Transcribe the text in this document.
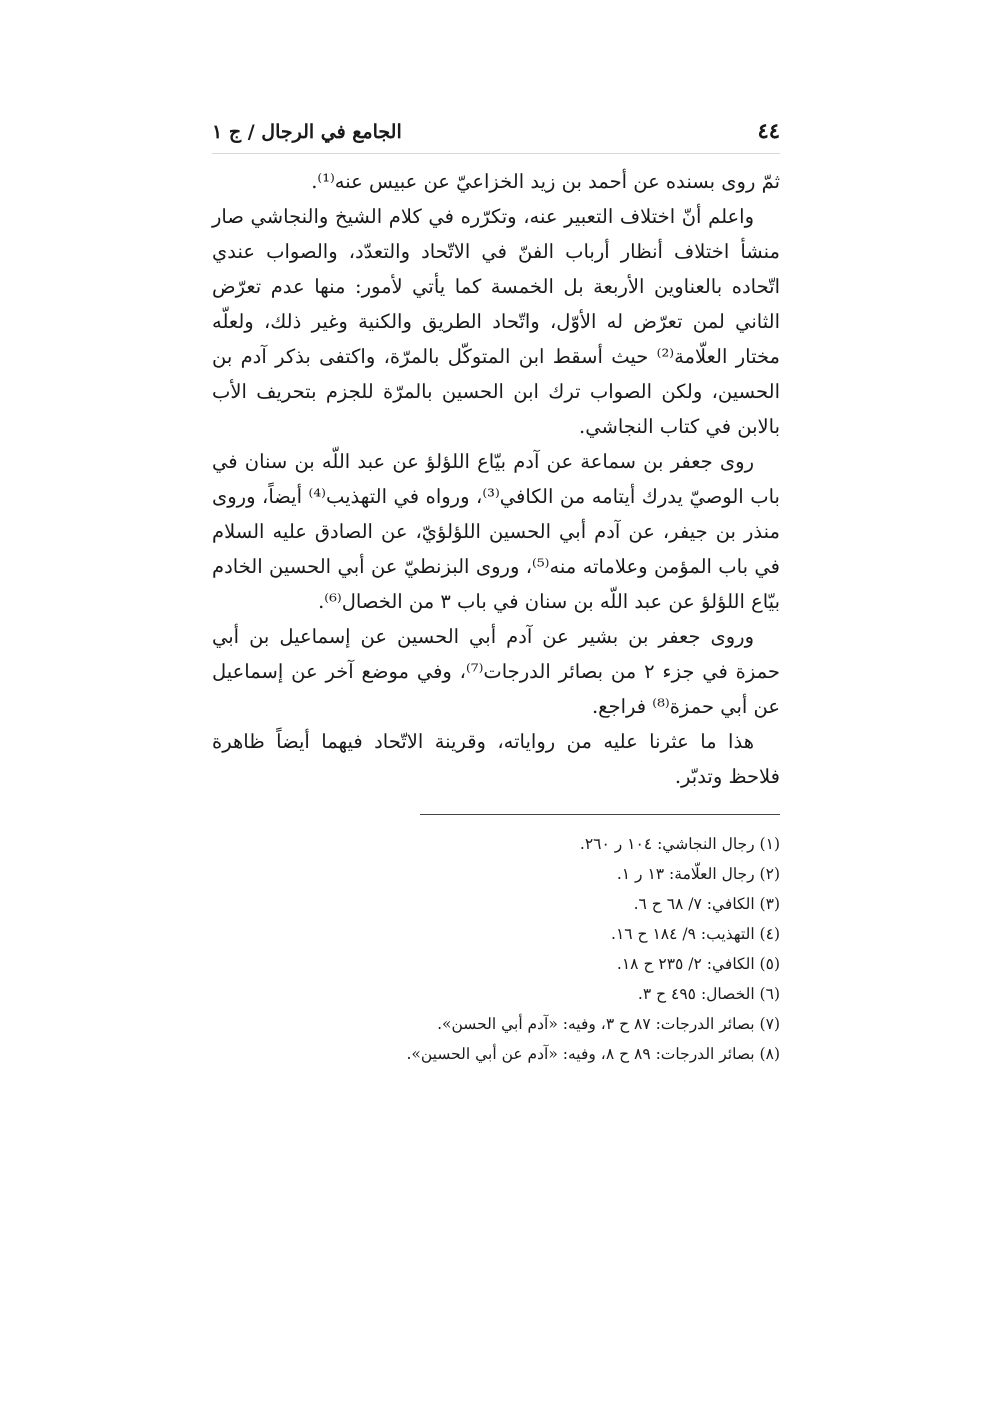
٤٤
الجامع في الرجال / ج ١

ثمّ روى بسنده عن أحمد بن زيد الخزاعيّ عن عبيس عنه⁽¹⁾.

واعلم أنّ اختلاف التعبير عنه، وتكرّره في كلام الشيخ والنجاشي صار منشأ اختلاف أنظار أرباب الفنّ في الاتّحاد والتعدّد، والصواب عندي اتّحاده بالعناوين الأربعة بل الخمسة كما يأتي لأمور: منها عدم تعرّض الثاني لمن تعرّض له الأوّل، واتّحاد الطريق والكنية وغير ذلك، ولعلّه مختار العلّامة⁽²⁾ حيث أسقط ابن المتوكّل بالمرّة، واكتفى بذكر آدم بن الحسين، ولكن الصواب ترك ابن الحسين بالمرّة للجزم بتحريف الأب بالابن في كتاب النجاشي.

روى جعفر بن سماعة عن آدم بيّاع اللؤلؤ عن عبد اللّه بن سنان في باب الوصيّ يدرك أيتامه من الكافي⁽³⁾، ورواه في التهذيب⁽⁴⁾ أيضاً، وروى منذر بن جيفر، عن آدم أبي الحسين اللؤلؤيّ، عن الصادق عليه السلام في باب المؤمن وعلاماته منه⁽⁵⁾، وروى البزنطيّ عن أبي الحسين الخادم بيّاع اللؤلؤ عن عبد اللّه بن سنان في باب ٣ من الخصال⁽⁶⁾.

وروى جعفر بن بشير عن آدم أبي الحسين عن إسماعيل بن أبي حمزة في جزء ٢ من بصائر الدرجات⁽⁷⁾، وفي موضع آخر عن إسماعيل عن أبي حمزة⁽⁸⁾ فراجع.

هذا ما عثرنا عليه من رواياته، وقرينة الاتّحاد فيهما أيضاً ظاهرة فلاحظ وتدبّر.

(١) رجال النجاشي: ١٠٤ ر ٢٦٠.

(٢) رجال العلّامة: ١٣ ر ١.

(٣) الكافي: ٧/ ٦٨ ح ٦.

(٤) التهذيب: ٩/ ١٨٤ ح ١٦.

(٥) الكافي: ٢/ ٢٣٥ ح ١٨.

(٦) الخصال: ٤٩٥ ح ٣.

(٧) بصائر الدرجات: ٨٧ ح ٣، وفيه: «آدم أبي الحسن».

(٨) بصائر الدرجات: ٨٩ ح ٨، وفيه: «آدم عن أبي الحسين».
